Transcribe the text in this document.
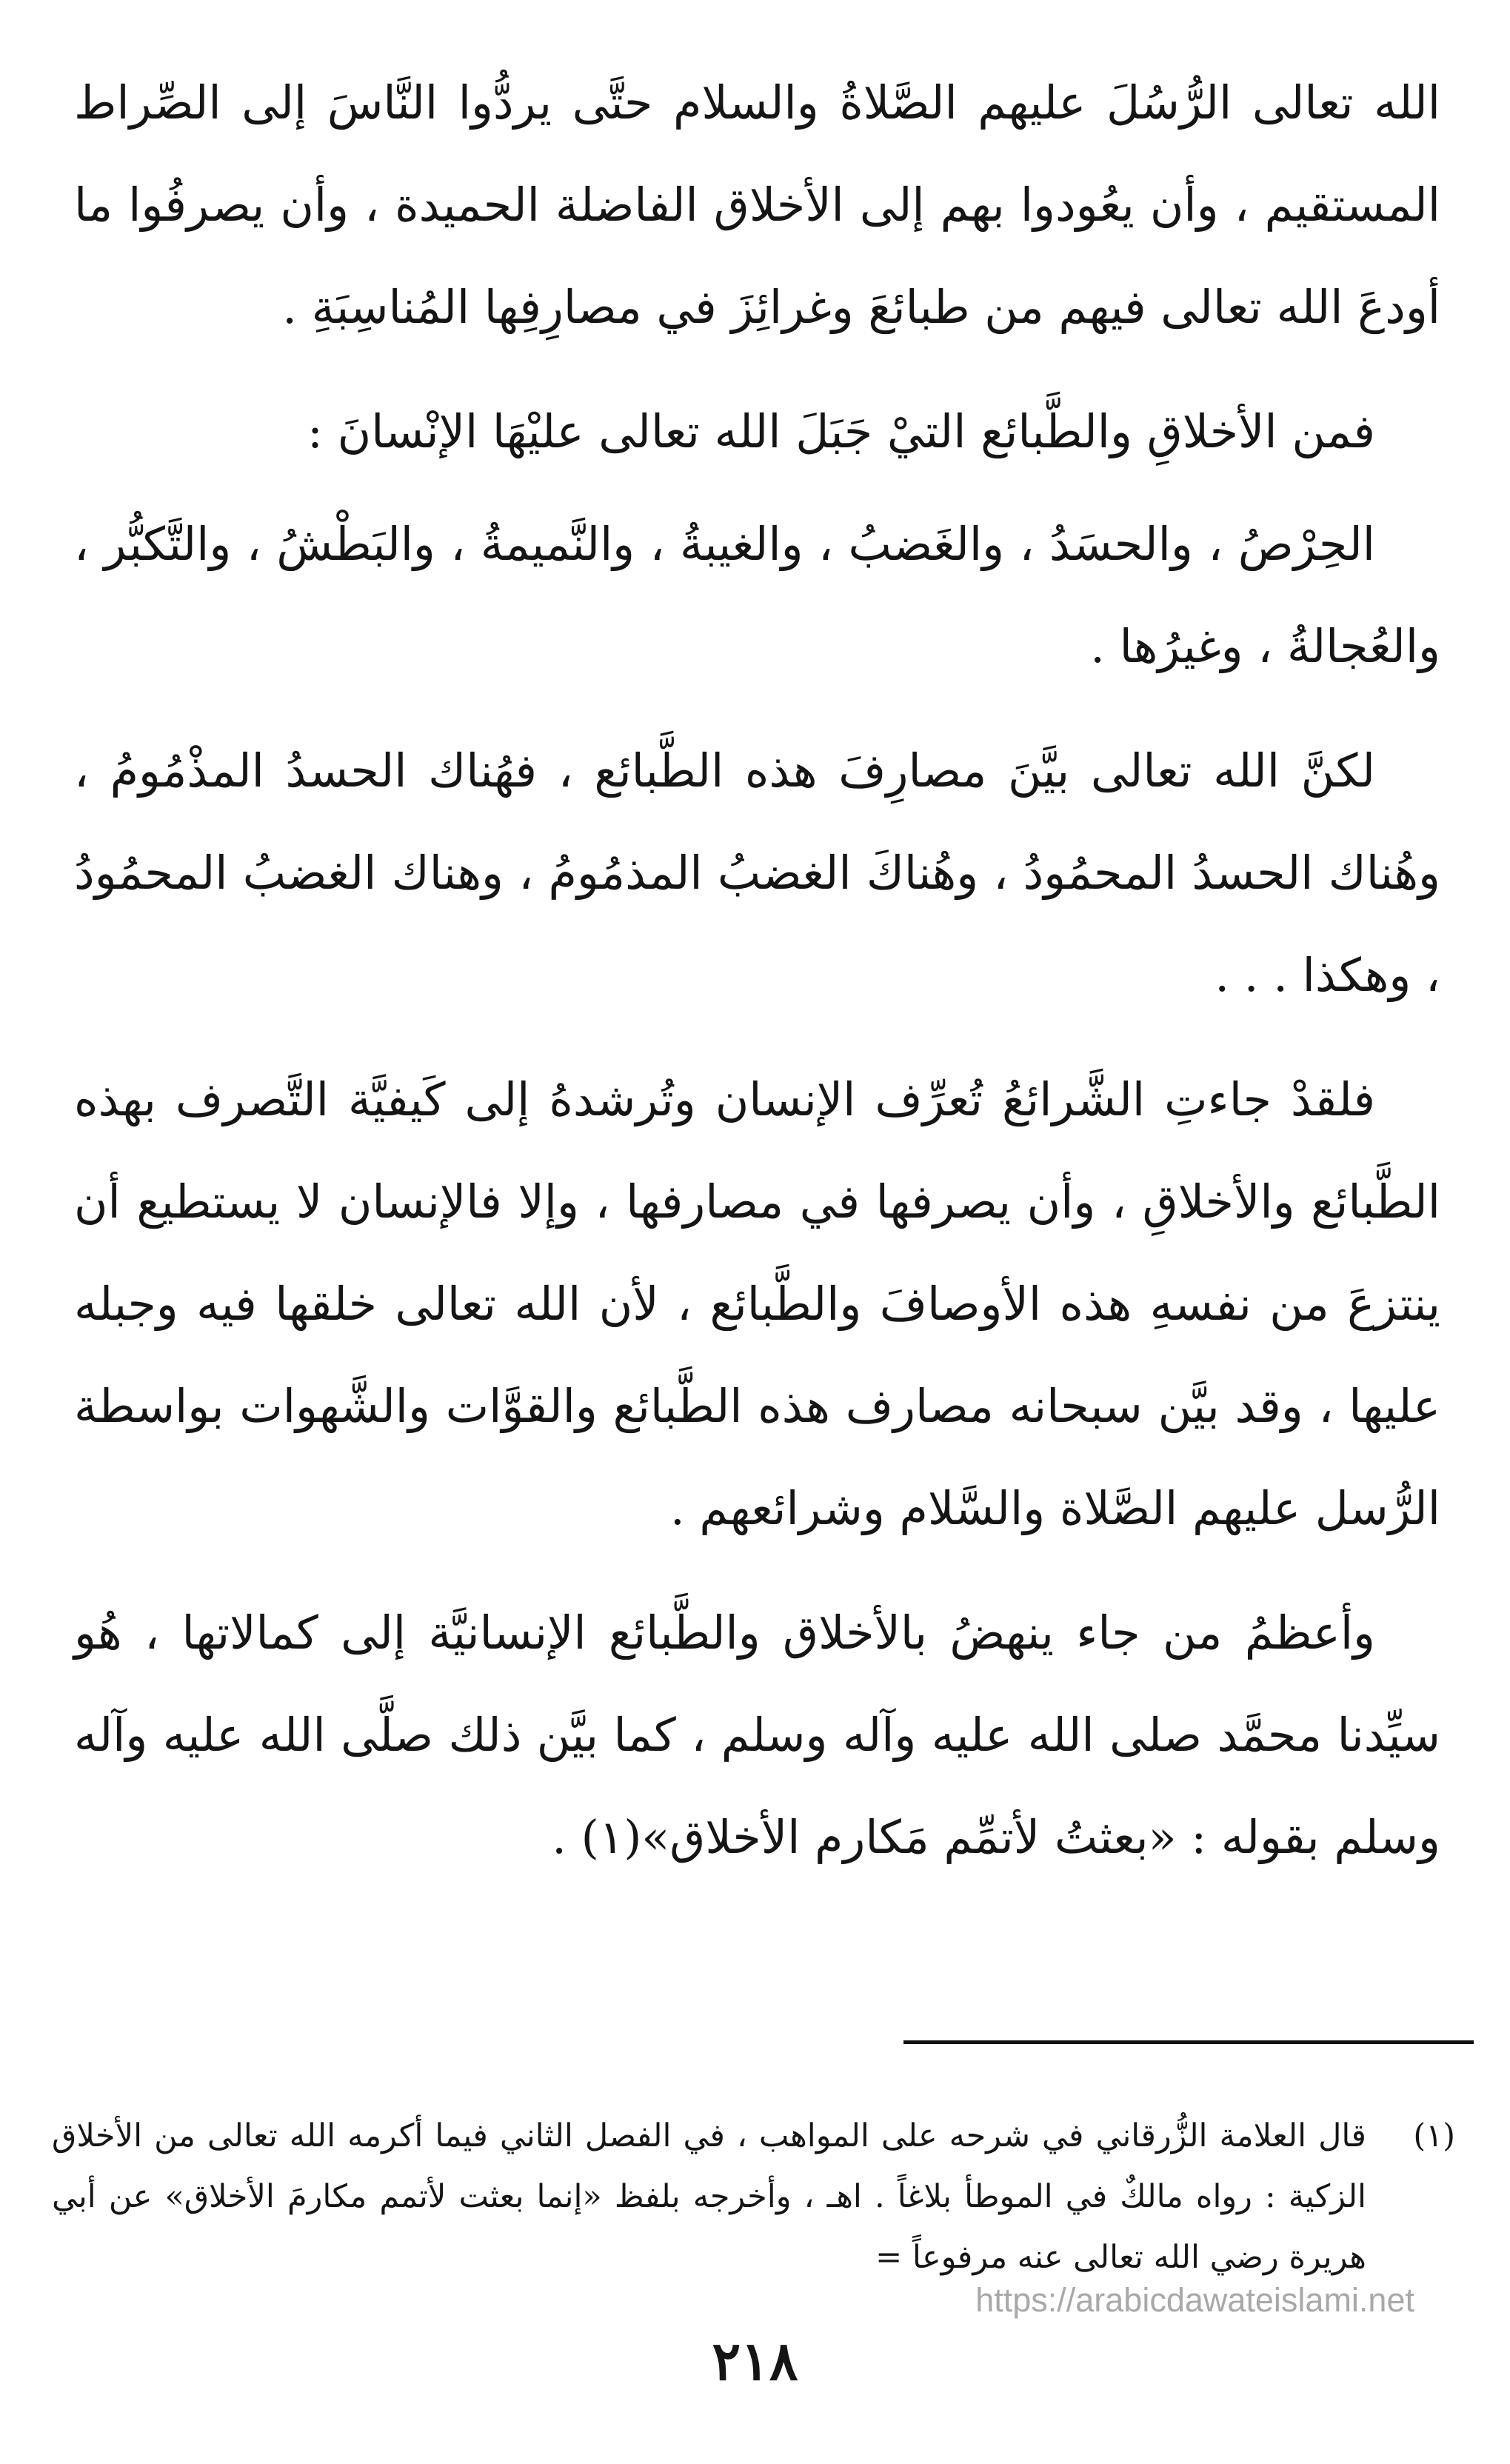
الله تعالى الرُّسُلَ عليهم الصَّلاةُ والسلام حتَّى يردُّوا النَّاسَ إلى الصِّراط المستقيم ، وأن يعُودوا بهم إلى الأخلاق الفاضلة الحميدة ، وأن يصرفُوا ما أودعَ الله تعالى فيهم من طبائعَ وغرائِزَ في مصارِفِها المُناسِبَةِ .

فمن الأخلاقِ والطَّبائع التيْ جَبَلَ الله تعالى عليْهَا الإنْسانَ :

الحِرْصُ ، والحسَدُ ، والغَضبُ ، والغيبةُ ، والنَّميمةُ ، والبَطْشُ ، والتَّكبُّر ، والعُجالةُ ، وغيرُها .

لكنَّ الله تعالى بيَّنَ مصارِفَ هذه الطَّبائع ، فهُناك الحسدُ المذْمُومُ ، وهُناك الحسدُ المحمُودُ ، وهُناكَ الغضبُ المذمُومُ ، وهناك الغضبُ المحمُودُ ، وهكذا . . .

فلقدْ جاءتِ الشَّرائعُ تُعرِّف الإنسان وتُرشدهُ إلى كَيفيَّة التَّصرف بهذه الطَّبائع والأخلاقِ ، وأن يصرفها في مصارفها ، وإلا فالإنسان لا يستطيع أن ينتزعَ من نفسهِ هذه الأوصافَ والطَّبائع ، لأن الله تعالى خلقها فيه وجبله عليها ، وقد بيَّن سبحانه مصارف هذه الطَّبائع والقوَّات والشَّهوات بواسطة الرُّسل عليهم الصَّلاة والسَّلام وشرائعهم .

وأعظمُ من جاء ينهضُ بالأخلاق والطَّبائع الإنسانيَّة إلى كمالاتها ، هُو سيِّدنا محمَّد صلى الله عليه وآله وسلم ، كما بيَّن ذلك صلَّى الله عليه وآله وسلم بقوله : «بعثتُ لأتمِّم مَكارم الأخلاق»(١) .

(١)
قال العلامة الزُّرقاني في شرحه على المواهب ، في الفصل الثاني فيما أكرمه الله تعالى من الأخلاق الزكية : رواه مالكٌ في الموطأ بلاغاً . اهـ ، وأخرجه بلفظ «إنما بعثت لأتمم مكارمَ الأخلاق» عن أبي هريرة رضي الله تعالى عنه مرفوعاً =
https://arabicdawateislami.net
٢١٨
